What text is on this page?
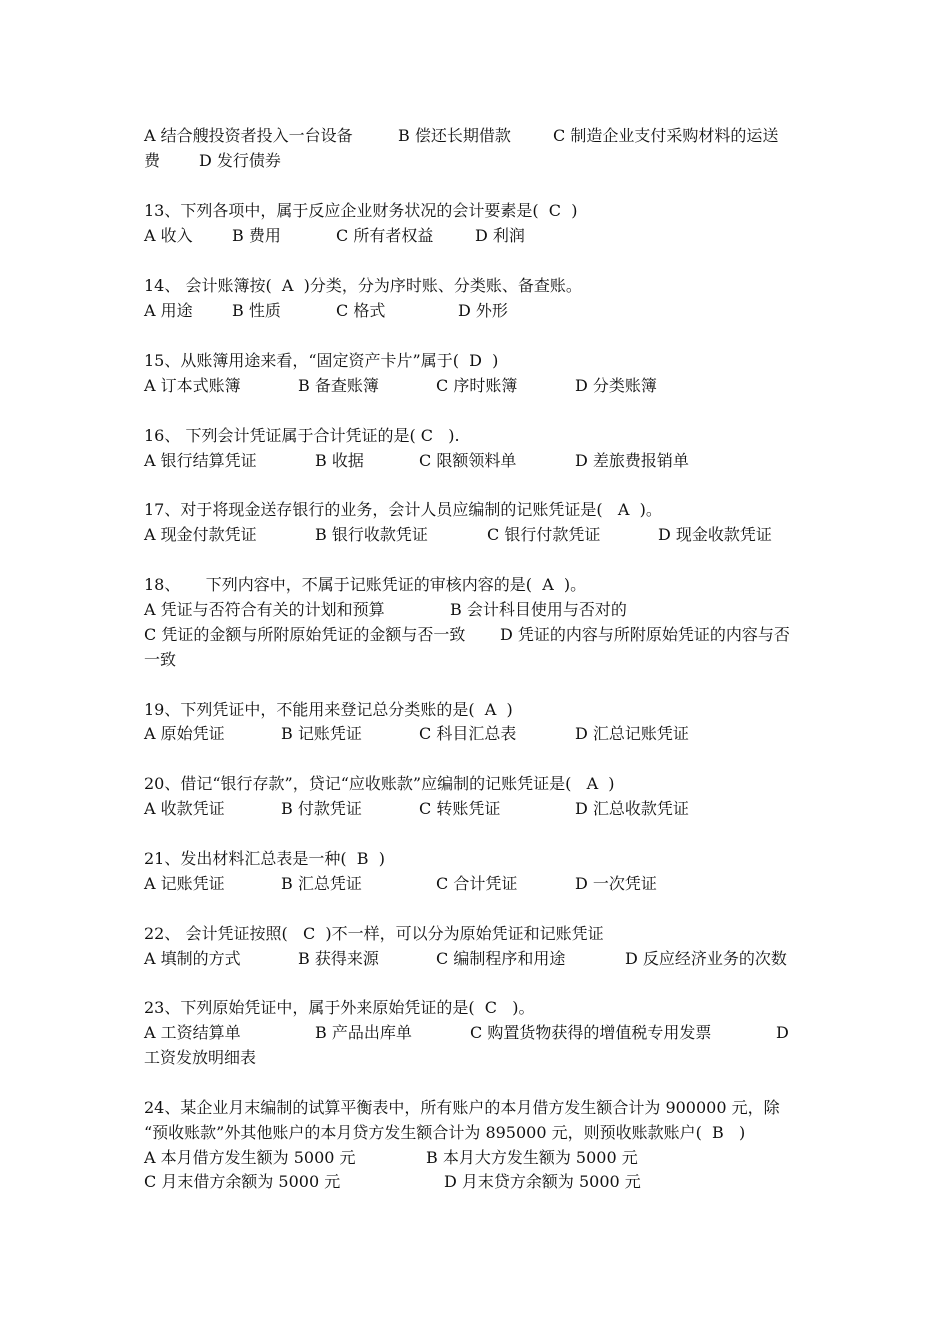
A 结合艘投资者投入一台设备

	B 偿还长期借款

	C 制造企业支付采购材料的运送

费

D 发行债券

13、下列各项中，属于反应企业财务状况的会计要素是(  C  )

A 收入

B 费用

	C 所有者权益

	D 利润

14、 会计账簿按(  A  )分类，分为序时账、分类账、备查账。

A 用途

B 性质

	C 格式

	D 外形

15、从账簿用途来看，“固定资产卡片”属于(  D  )

A 订本式账簿

	B 备查账簿

	C 序时账簿

	D 分类账簿

16、 下列会计凭证属于合计凭证的是( C   ).

A 银行结算凭证

	B 收据

	C 限额领料单

	D 差旅费报销单

17、对于将现金送存银行的业务，会计人员应编制的记账凭证是(   A  )。

A 现金付款凭证

	B 银行收款凭证

	C 银行付款凭证

	D 现金收款凭证

18、     下列内容中，不属于记账凭证的审核内容的是(  A  )。

A 凭证与否符合有关的计划和预算

	B 会计科目使用与否对的

C 凭证的金额与所附原始凭证的金额与否一致

D 凭证的内容与所附原始凭证的内容与否

一致

19、下列凭证中，不能用来登记总分类账的是(  A  )

A 原始凭证

	B 记账凭证

	C 科目汇总表

	D 汇总记账凭证

20、借记“银行存款”，贷记“应收账款”应编制的记账凭证是(   A  )

A 收款凭证

	B 付款凭证

	C 转账凭证

	D 汇总收款凭证

21、发出材料汇总表是一种(  B  )

A 记账凭证

	B 汇总凭证

	C 合计凭证

	D 一次凭证

22、 会计凭证按照(   C  )不一样，可以分为原始凭证和记账凭证

A 填制的方式

	B 获得来源

	C 编制程序和用途

	D 反应经济业务的次数

23、下列原始凭证中，属于外来原始凭证的是(  C   )。

A 工资结算单

	B 产品出库单

	C 购置货物获得的增值税专用发票

	D

工资发放明细表

24、某企业月末编制的试算平衡表中，所有账户的本月借方发生额合计为 900000 元，除

“预收账款”外其他账户的本月贷方发生额合计为 895000 元，则预收账款账户(  B   )

A 本月借方发生额为 5000 元

	B 本月大方发生额为 5000 元

C 月末借方余额为 5000 元

	D 月末贷方余额为 5000 元
